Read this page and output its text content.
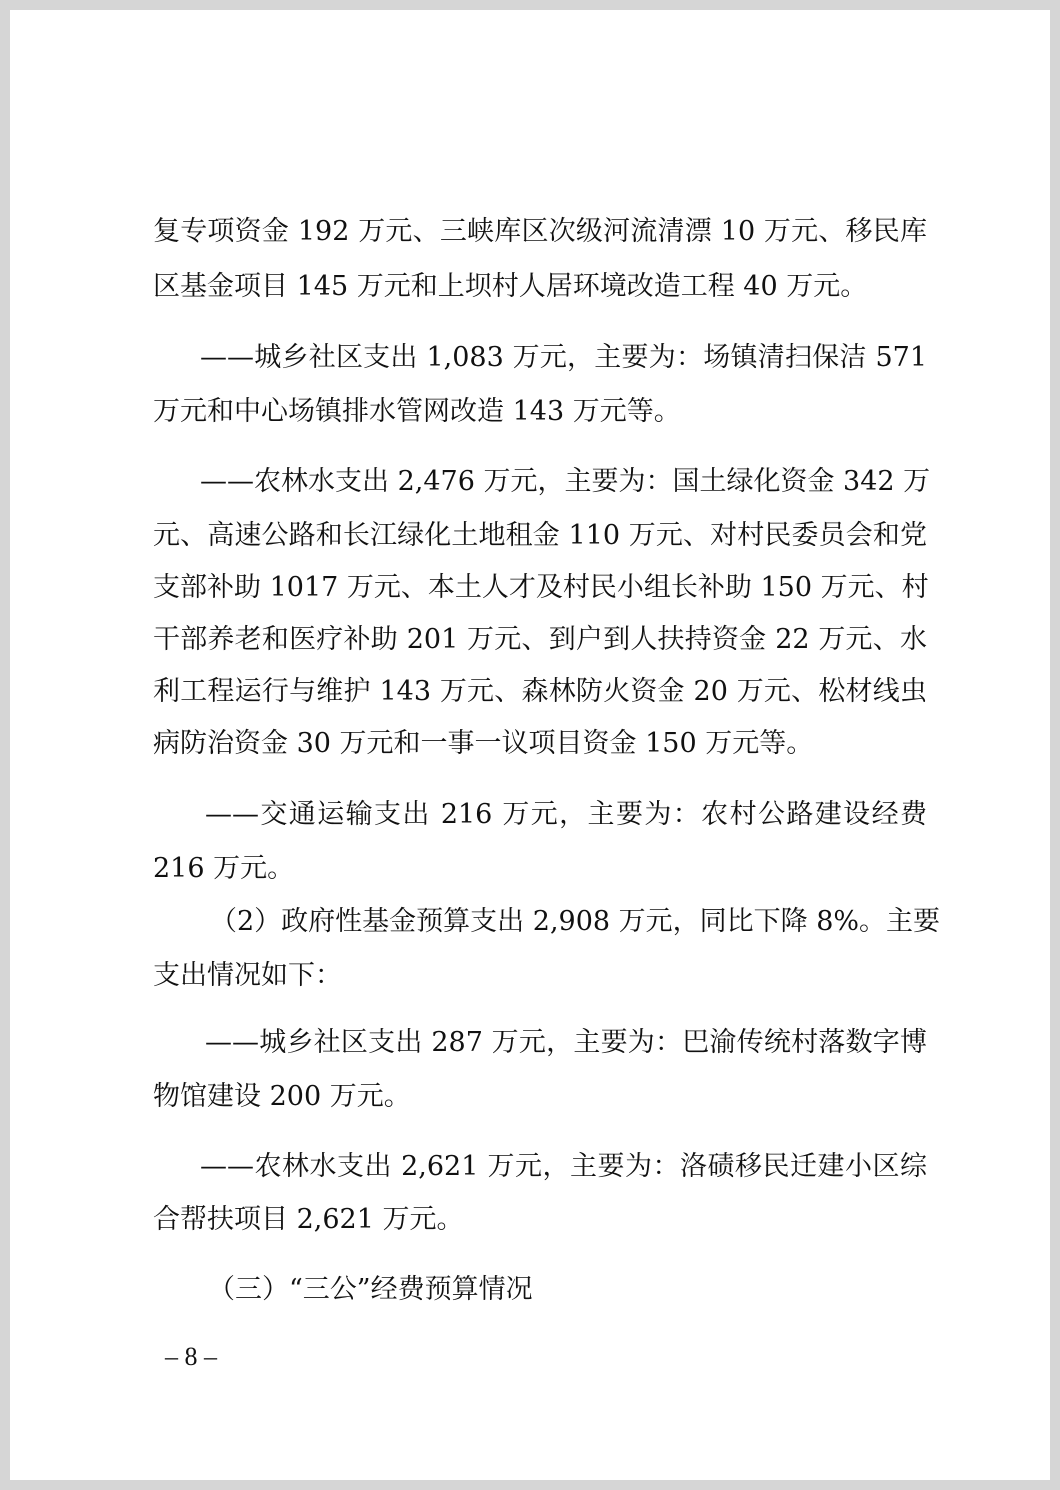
复专项资金 192 万元、三峡库区次级河流清漂 10 万元、移民库
区基金项目 145 万元和上坝村人居环境改造工程 40 万元。
——城乡社区支出 1,083 万元，主要为：场镇清扫保洁 571
万元和中心场镇排水管网改造 143 万元等。
——农林水支出 2,476 万元，主要为：国土绿化资金 342 万
元、高速公路和长江绿化土地租金 110 万元、对村民委员会和党
支部补助 1017 万元、本土人才及村民小组长补助 150 万元、村
干部养老和医疗补助 201 万元、到户到人扶持资金 22 万元、水
利工程运行与维护 143 万元、森林防火资金 20 万元、松材线虫
病防治资金 30 万元和一事一议项目资金 150 万元等。
——交通运输支出 216 万元，主要为：农村公路建设经费
216 万元。
（2）政府性基金预算支出 2,908 万元，同比下降 8%。主要
支出情况如下：
——城乡社区支出 287 万元，主要为：巴渝传统村落数字博
物馆建设 200 万元。
——农林水支出 2,621 万元，主要为：洛碛移民迁建小区综
合帮扶项目 2,621 万元。
（三）“三公”经费预算情况
– 8 –
